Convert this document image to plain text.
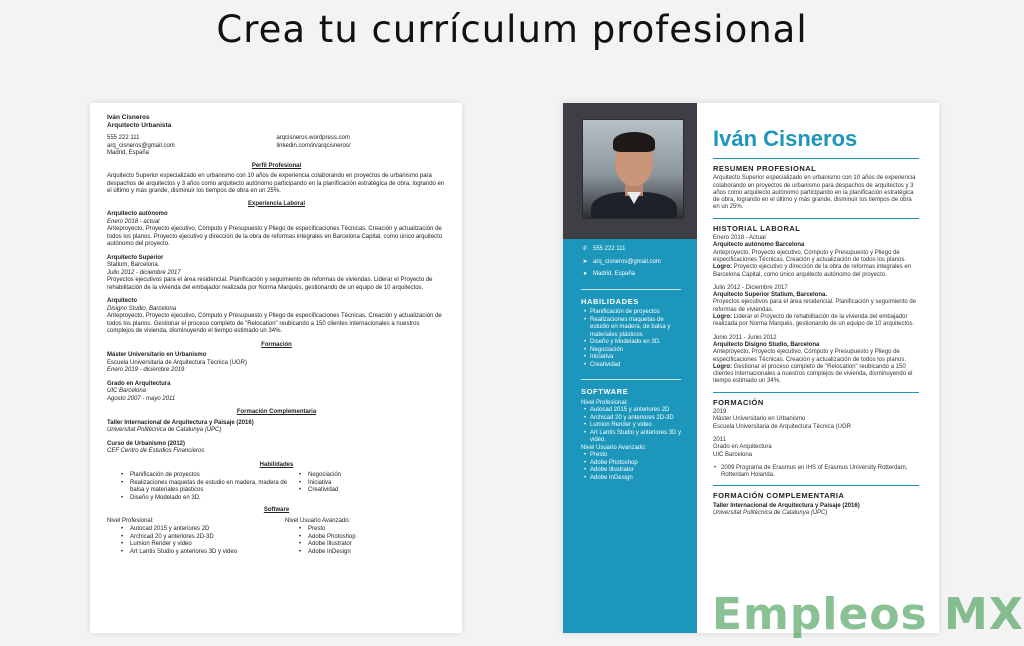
Crea tu currículum profesional
Iván Cisneros
Arquitecto Urbanista
555 222 111
arq_cisneros@gmail.com
Madrid, España
arqcisneros.wordpress.com
linkedin.com/in/arqcisneros/
Perfil Profesional
Arquitecto Superior especializado en urbanismo con 10 años de experiencia colaborando en proyectos de urbanismo para despachos de arquitectos y 3 años como arquitecto autónomo participando en la planificación estratégica de obra, logrando en el último y más grande, disminuir los tiempos de obra en un 25%.
Experiencia Laboral
Arquitecto autónomo
Enero 2018 - actual
Anteproyecto, Proyecto ejecutivo, Cómputo y Presupuesto y Pliego de especificaciones Técnicas. Creación y actualización de todos los planos. Proyecto ejecutivo y dirección de la obra de reformas integrales en Barcelona Capital, como único arquitecto autónomo del proyecto.
Arquitecto Superior
Statium, Barcelona.
Julio 2012 - diciembre 2017
Proyectos ejecutivos para el área residencial. Planificación y seguimiento de reformas de viviendas. Liderar el Proyecto de rehabilitación de la vivienda del embajador realizada por Norma Marqués, gestionando de un equipo de 10 arquitectos.
Arquitecto
Disigno Studio, Barcelona
Anteproyecto, Proyecto ejecutivo, Cómputo y Presupuesto y Pliego de especificaciones Técnicas. Creación y actualización de todos los planos. Gestionar el proceso completo de "Relocation" reubicando a 150 clientes internacionales a nuestros complejos de vivienda, disminuyendo el tiempo estimado un 34%.
Formación
Máster Universitario en Urbanismo
Escuela Universitaria de Arquitectura Técnica (UGR)
Enero 2019 - diciembre 2019
Grado en Arquitectura
UIC Barcelona
Agosto 2007 - mayo 2011
Formación Complementaria
Taller Internacional de Arquitectura y Paisaje (2016)
Universitat Politècnica de Catalunya (UPC)
Curso de Urbanismo (2012)
CEF Centro de Estudios Financieros
Habilidades
• Planificación de proyectos
• Realizaciones maquetas de estudio en madera, madera de balsa y materiales plásticos
• Diseño y Modelado en 3D.
• Negociación
• Iniciativa
• Creatividad
Software
Nivel Profesional:
• Autocad 2015 y anteriores 2D
• Archicad 20 y anteriores 2D-3D
• Lumion Render y video
• Art Lantis Studio y anteriores 3D y video
Nivel Usuario Avanzado:
• Presto
• Adobe Photoshop
• Adobe Illustrator
• Adobe InDesign
✆ 555 222 111
➤ arq_cisneros@gmail.com
●	Madrid, España
HABILIDADES
• Planificación de proyectos
• Realizaciones maquetas de estudio en madera, de balsa y materiales plásticos
• Diseño y Modelado en 3D.
• Negociación
• Iniciativa
• Creatividad
SOFTWARE
Nivel Profesional:
• Autocad 2015 y anteriores 2D
• Archicad 20 y anteriores 2D-3D
• Lumion Render y video
• Art Lantis Studio y anteriores 3D y video.
Nivel Usuario Avanzado:
• Presto
• Adobe Photoshop
• Adobe Illustrator
• Adobe InDesign
Iván Cisneros
RESUMEN PROFESIONAL
Arquitecto Superior especializado en urbanismo con 10 años de experiencia colaborando en proyectos de urbanismo para despachos de arquitectos y 3 años como arquitecto autónomo participando en la planificación estratégica de obra, logrando en el último y más grande, disminuir los tiempos de obra en un 25%.
HISTORIAL LABORAL
Enero 2018 - Actual
Arquitecto autónomo Barcelona
Anteproyecto, Proyecto ejecutivo, Cómputo y Presupuesto y Pliego de especificaciones Técnicas. Creación y actualización de todos los planos.
Logro: Proyecto ejecutivo y dirección de la obra de reformas integrales en Barcelona Capital, como único arquitecto autónomo del proyecto.
Julio 2012 - Diciembre 2017
Arquitecto Superior Statium, Barcelona.
Proyectos ejecutivos para el área residencial. Planificación y seguimiento de reformas de viviendas.
Logro: Liderar el Proyecto de rehabilitación de la vivienda del embajador realizada por Norma Marqués, gestionando de un equipo de 10 arquitectos.
Junio 2011 - Junio 2012
Arquitecto Disigno Studio, Barcelona
Anteproyecto, Proyecto ejecutivo, Cómputo y Presupuesto y Pliego de especificaciones Técnicas. Creación y actualización de todos los planos.
Logro: Gestionar el proceso completo de "Relocation" reubicando a 150 clientes internacionales a nuestros complejos de vivienda, disminuyendo el tiempo estimado un 34%.
FORMACIÓN
2019
Máster Universitario en Urbanismo
Escuela Universitaria de Arquitectura Técnica (UGR
2011
Grado en Arquitectura
UIC Barcelona
• 2009 Programa de Erasmus en IHS of Erasmus University Rotterdam, Rotterdam Holanda.
FORMACIÓN COMPLEMENTARIA
Taller Internacional de Arquitectura y Paisaje (2016)
Universitat Politècnica de Catalunya (UPC)
Empleos MX
